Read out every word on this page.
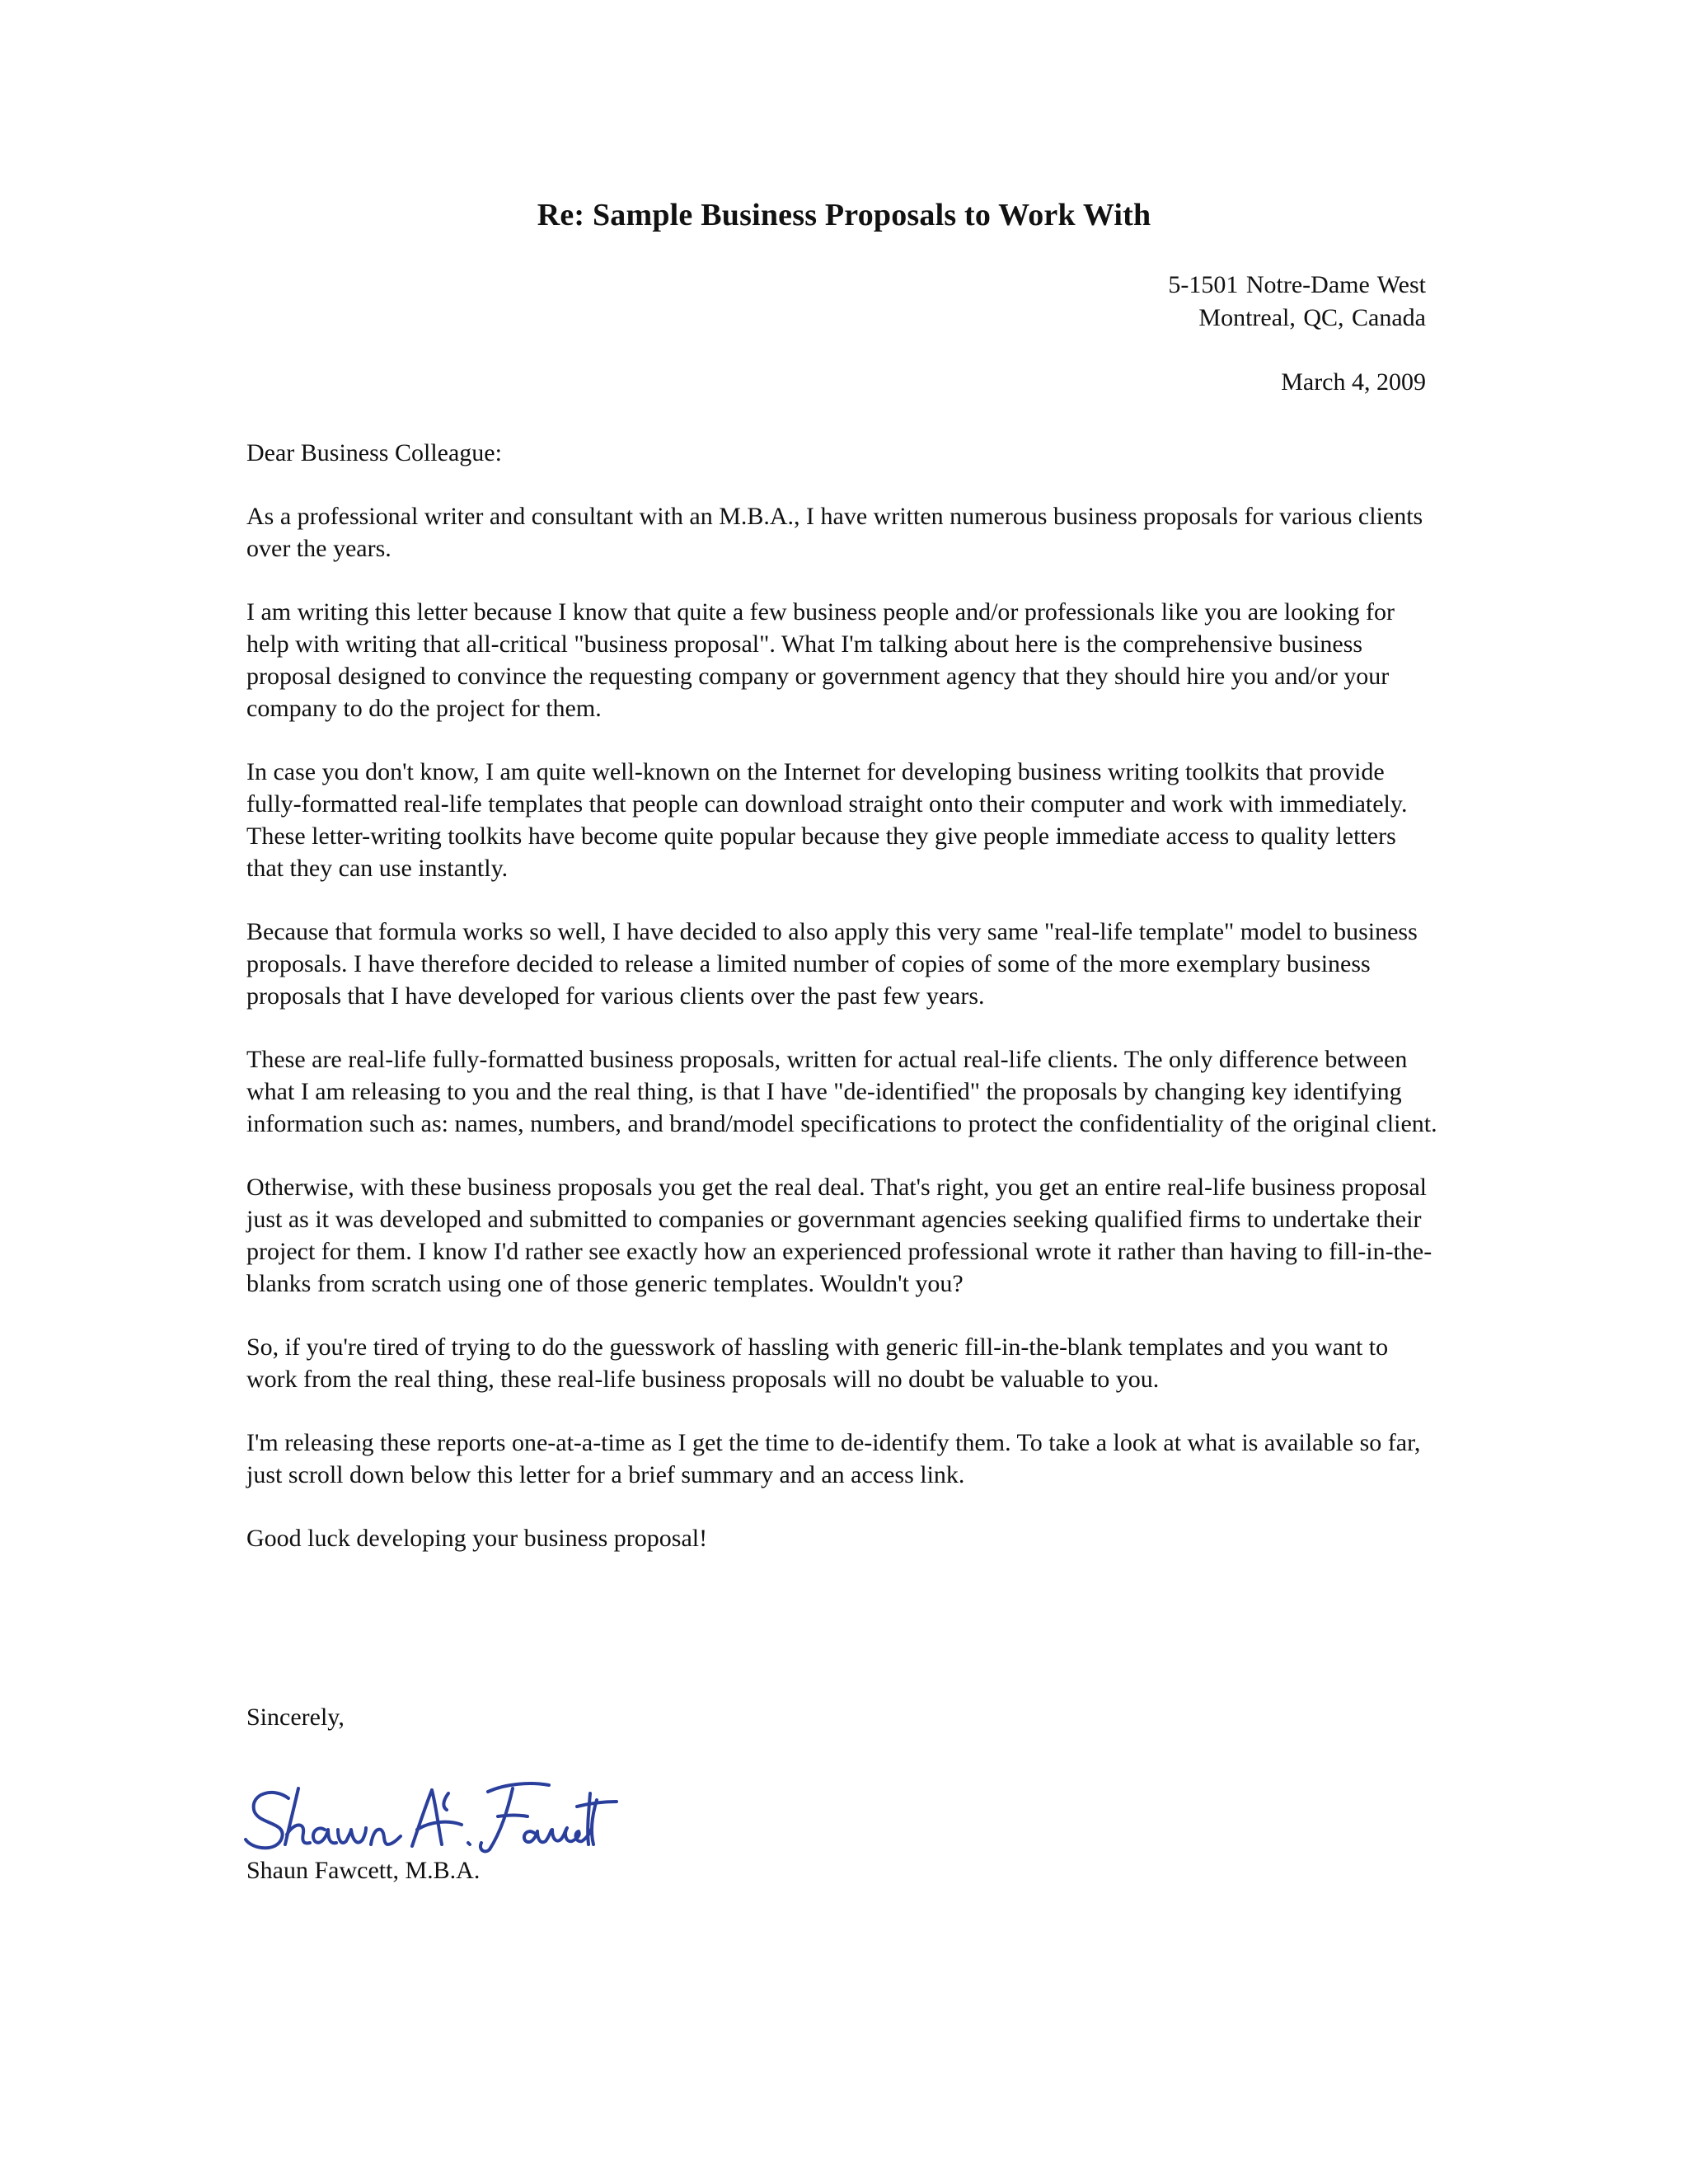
Re: Sample Business Proposals to Work With
5-1501 Notre-Dame West
Montreal, QC, Canada
March 4, 2009

Dear Business Colleague:

As a professional writer and consultant with an M.B.A., I have written numerous business proposals for various clients over the years.

I am writing this letter because I know that quite a few business people and/or professionals like you are looking for help with writing that all-critical "business proposal". What I'm talking about here is the comprehensive business proposal designed to convince the requesting company or government agency that they should hire you and/or your company to do the project for them.

In case you don't know, I am quite well-known on the Internet for developing business writing toolkits that provide fully-formatted real-life templates that people can download straight onto their computer and work with immediately. These letter-writing toolkits have become quite popular because they give people immediate access to quality letters that they can use instantly.

Because that formula works so well, I have decided to also apply this very same "real-life template" model to business proposals. I have therefore decided to release a limited number of copies of some of the more exemplary business proposals that I have developed for various clients over the past few years.

These are real-life fully-formatted business proposals, written for actual real-life clients. The only difference between what I am releasing to you and the real thing, is that I have "de-identified" the proposals by changing key identifying information such as: names, numbers, and brand/model specifications to protect the confidentiality of the original client.

Otherwise, with these business proposals you get the real deal. That's right, you get an entire real-life business proposal just as it was developed and submitted to companies or governmant agencies seeking qualified firms to undertake their project for them. I know I'd rather see exactly how an experienced professional wrote it rather than having to fill-in-the-blanks from scratch using one of those generic templates. Wouldn't you?

So, if you're tired of trying to do the guesswork of hassling with generic fill-in-the-blank templates and you want to work from the real thing, these real-life business proposals will no doubt be valuable to you.

I'm releasing these reports one-at-a-time as I get the time to de-identify them. To take a look at what is available so far, just scroll down below this letter for a brief summary and an access link.

Good luck developing your business proposal!

Sincerely,
Shaun Fawcett, M.B.A.
